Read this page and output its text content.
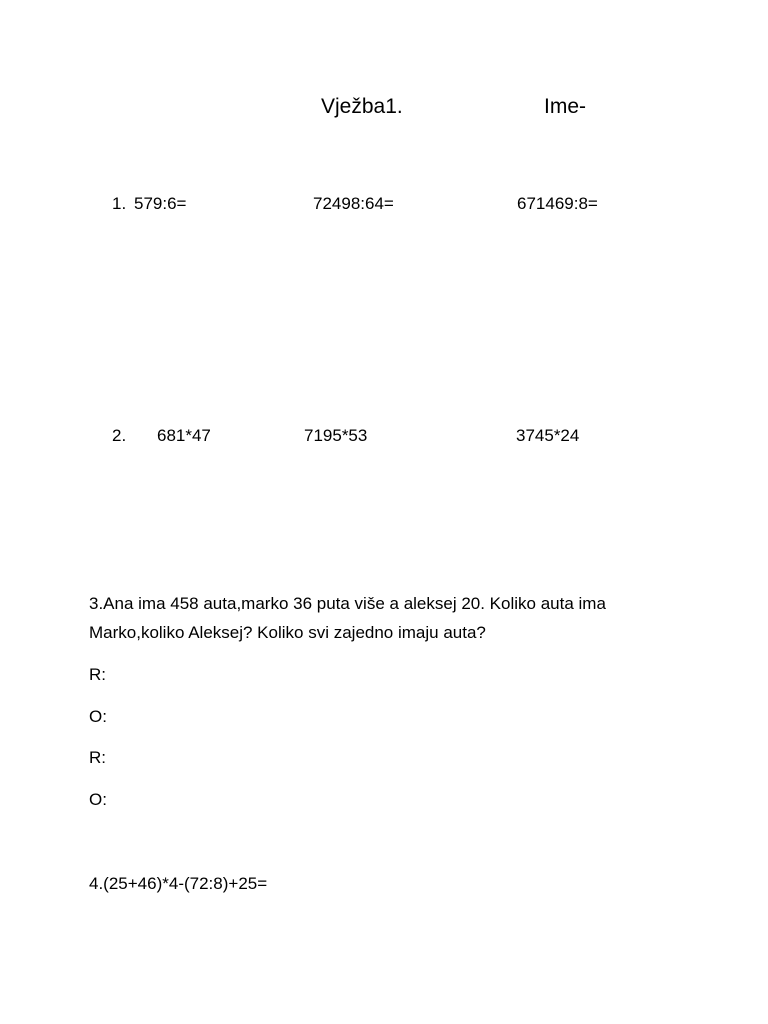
Vježba1.	Ime-
1. 579:6=	72498:64=	671469:8=
2. 681*47	7195*53	3745*24
3.Ana ima 458 auta,marko 36 puta više a aleksej 20. Koliko auta ima
Marko,koliko Aleksej? Koliko svi zajedno imaju auta?
R:
O:
R:
O:
4.(25+46)*4-(72:8)+25=
